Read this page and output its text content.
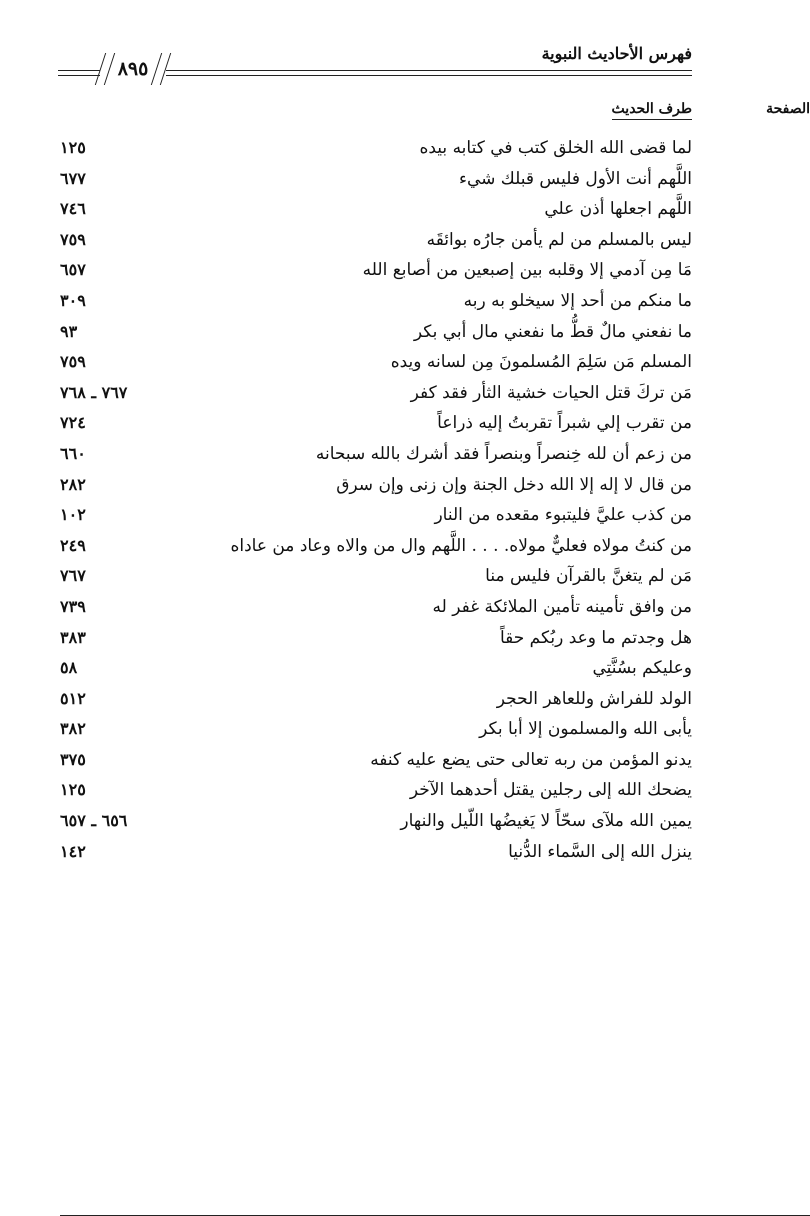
فهرس الأحاديث النبوية
٨٩٥
طرف الحديث	الصفحة
لما قضى الله الخلق كتب في كتابه بيده
١٢٥
اللَّهم أنت الأول فليس قبلك شيء
٦٧٧
اللَّهم اجعلها أذن علي
٧٤٦
ليس بالمسلم من لم يأمن جارُه بوائقَه
٧٥٩
مَا مِن آدمي إلا وقلبه بين إصبعين من أصابع الله
٦٥٧
ما منكم من أحد إلا سيخلو به ربه
٣٠٩
ما نفعني مالٌ قطُّ ما نفعني مال أبي بكر
٩٣
المسلم مَن سَلِمَ المُسلمونَ مِن لسانه ويده
٧٥٩
مَن تركَ قتل الحيات خشية الثأر فقد كفر
٧٦٧ ـ ٧٦٨
من تقرب إلي شبراً تقربتُ إليه ذراعاً
٧٢٤
من زعم أن لله خِنصراً وبنصراً فقد أشرك بالله سبحانه
٦٦٠
من قال لا إله إلا الله دخل الجنة وإن زنى وإن سرق
٢٨٢
من كذب عليَّ فليتبوء مقعده من النار
١٠٢
من كنتُ مولاه فعليٌّ مولاه. . . . اللَّهم وال من والاه وعاد من عاداه
٢٤٩
مَن لم يتغنَّ بالقرآن فليس منا
٧٦٧
من وافق تأمينه تأمين الملائكة غفر له
٧٣٩
هل وجدتم ما وعد ربُكم حقاً
٣٨٣
وعليكم بسُنَّتِي
٥٨
الولد للفراش وللعاهر الحجر
٥١٢
يأبى الله والمسلمون إلا أبا بكر
٣٨٢
يدنو المؤمن من ربه تعالى حتى يضع عليه كنفه
٣٧٥
يضحك الله إلى رجلين يقتل أحدهما الآخر
١٢٥
يمين الله ملآى سحّاً لا يَغيضُها اللّيل والنهار
٦٥٦ ـ ٦٥٧
ينزل الله إلى السَّماء الدُّنيا
١٤٢
